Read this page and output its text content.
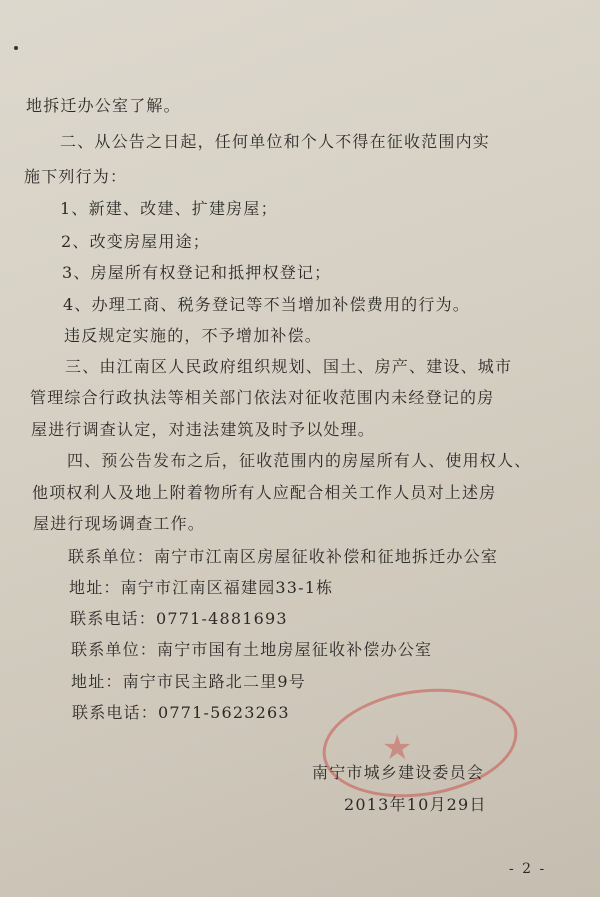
地拆迁办公室了解。
二、从公告之日起，任何单位和个人不得在征收范围内实
施下列行为：
1、新建、改建、扩建房屋；
2、改变房屋用途；
3、房屋所有权登记和抵押权登记；
4、办理工商、税务登记等不当增加补偿费用的行为。
违反规定实施的，不予增加补偿。
三、由江南区人民政府组织规划、国土、房产、建设、城市
管理综合行政执法等相关部门依法对征收范围内未经登记的房
屋进行调查认定，对违法建筑及时予以处理。
四、预公告发布之后，征收范围内的房屋所有人、使用权人、
他项权利人及地上附着物所有人应配合相关工作人员对上述房
屋进行现场调查工作。
联系单位：南宁市江南区房屋征收补偿和征地拆迁办公室
地址：南宁市江南区福建园33-1栋
联系电话：0771-4881693
联系单位：南宁市国有土地房屋征收补偿办公室
地址：南宁市民主路北二里9号
联系电话：0771-5623263
★
南宁市城乡建设委员会
2013年10月29日
- 2 -
